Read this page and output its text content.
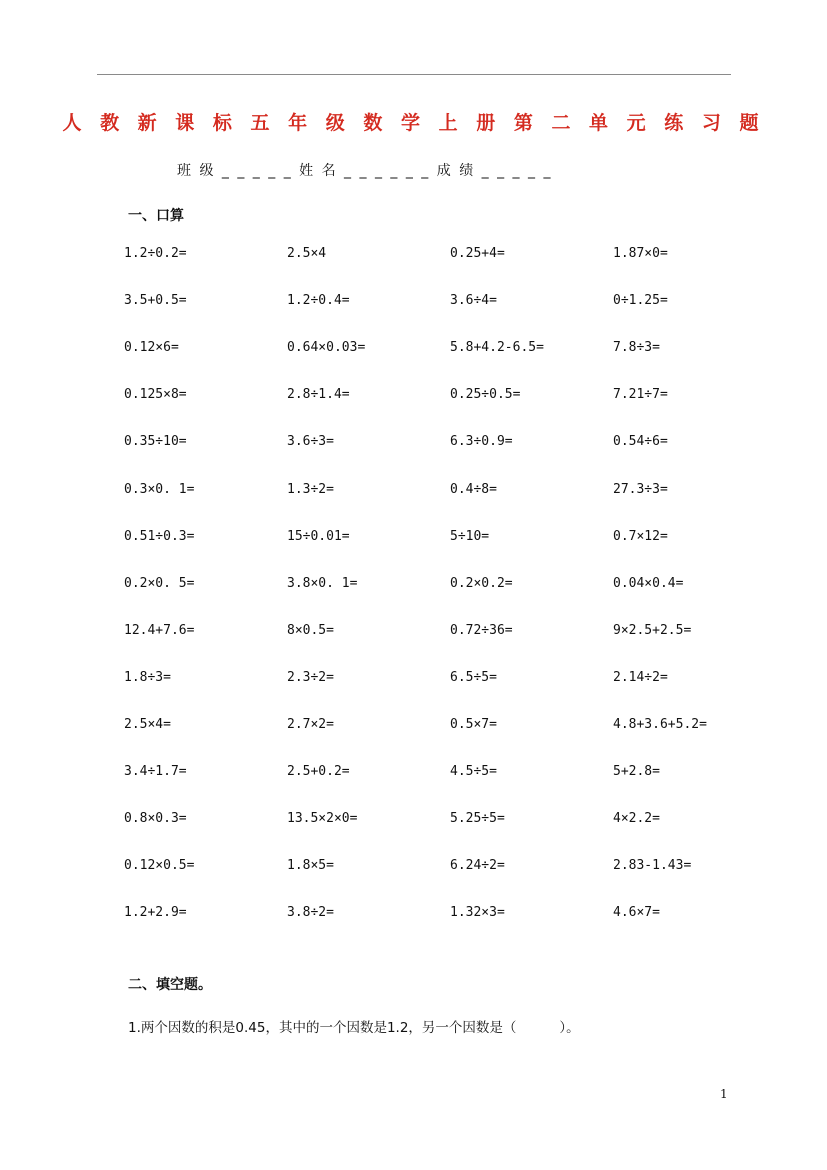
人 教 新 课 标 五 年 级 数 学 上 册 第 二 单 元 练 习 题
班 级 _ _ _ _ _ 姓 名 _ _ _ _ _ _ 成 绩 _ _ _ _ _
一、口算
1.2÷0.2=	2.5×4	0.25+4=	1.87×0=
3.5+0.5=	1.2÷0.4=	3.6÷4=	0÷1.25=
0.12×6=	0.64×0.03=	5.8+4.2-6.5=	7.8÷3=
0.125×8=	2.8÷1.4=	0.25÷0.5=	7.21÷7=
0.35÷10=	3.6÷3=	6.3÷0.9=	0.54÷6=
0.3×0. 1=	1.3÷2=	0.4÷8=	27.3÷3=
0.51÷0.3=	15÷0.01=	5÷10=	0.7×12=
0.2×0. 5=	3.8×0. 1=	0.2×0.2=	0.04×0.4=
12.4+7.6=	8×0.5=	0.72÷36=	9×2.5+2.5=
1.8÷3=	2.3÷2=	6.5÷5=	2.14÷2=
2.5×4=	2.7×2=	0.5×7=	4.8+3.6+5.2=
3.4÷1.7=	2.5+0.2=	4.5÷5=	5+2.8=
0.8×0.3=	13.5×2×0=	5.25÷5=	4×2.2=
0.12×0.5=	1.8×5=	6.24÷2=	2.83-1.43=
1.2+2.9=	3.8÷2=	1.32×3=	4.6×7=
二、填空题。
1.两个因数的积是0.45，其中的一个因数是1.2，另一个因数是（          ）。
1
